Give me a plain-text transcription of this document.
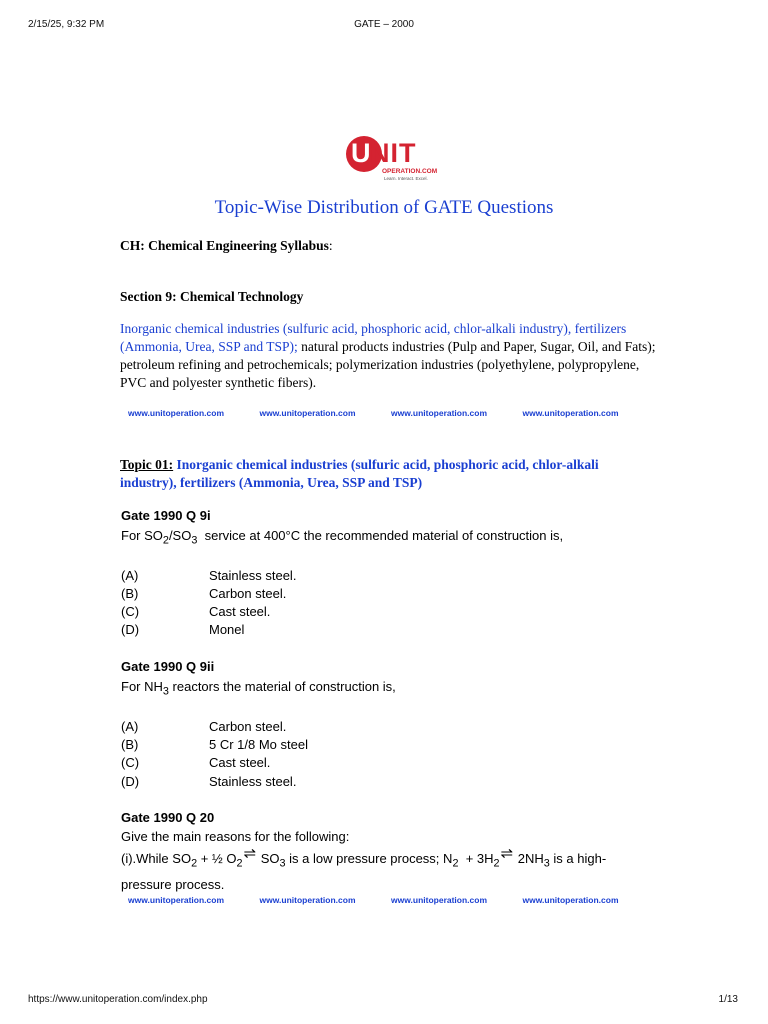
2/15/25, 9:32 PM	GATE – 2000
U NIT
OPERATION.COM
Learn. Interact. Excel.
Topic-Wise Distribution of GATE Questions
CH: Chemical Engineering Syllabus:
Section 9: Chemical Technology
Inorganic chemical industries (sulfuric acid, phosphoric acid, chlor-alkali industry), fertilizers (Ammonia, Urea, SSP and TSP); natural products industries (Pulp and Paper, Sugar, Oil, and Fats); petroleum refining and petrochemicals; polymerization industries (polyethylene, polypropylene, PVC and polyester synthetic fibers).
www.unitoperation.com	www.unitoperation.com	www.unitoperation.com	www.unitoperation.com
Topic 01: Inorganic chemical industries (sulfuric acid, phosphoric acid, chlor-alkali industry), fertilizers (Ammonia, Urea, SSP and TSP)
Gate 1990 Q 9i
For $SO_2/SO_3$  service at 400°C the recommended material of construction is,
(A)	Stainless steel.
(B)	Carbon steel.
(C)	Cast steel.
(D)	Monel
Gate 1990 Q 9ii
For $NH_3$ reactors the material of construction is,
(A)	Carbon steel.
(B)	5 Cr 1/8 Mo steel
(C)	Cast steel.
(D)	Stainless steel.
Gate 1990 Q 20
Give the main reasons for the following:
(i).While $SO_2$ + ½ $O_2\rightleftharpoons$ $SO_3$ is a low pressure process; $N_2$  + $3H_2\rightleftharpoons$ $2NH_3$ is a high-
pressure process.
www.unitoperation.com	www.unitoperation.com	www.unitoperation.com	www.unitoperation.com
https://www.unitoperation.com/index.php	1/13
